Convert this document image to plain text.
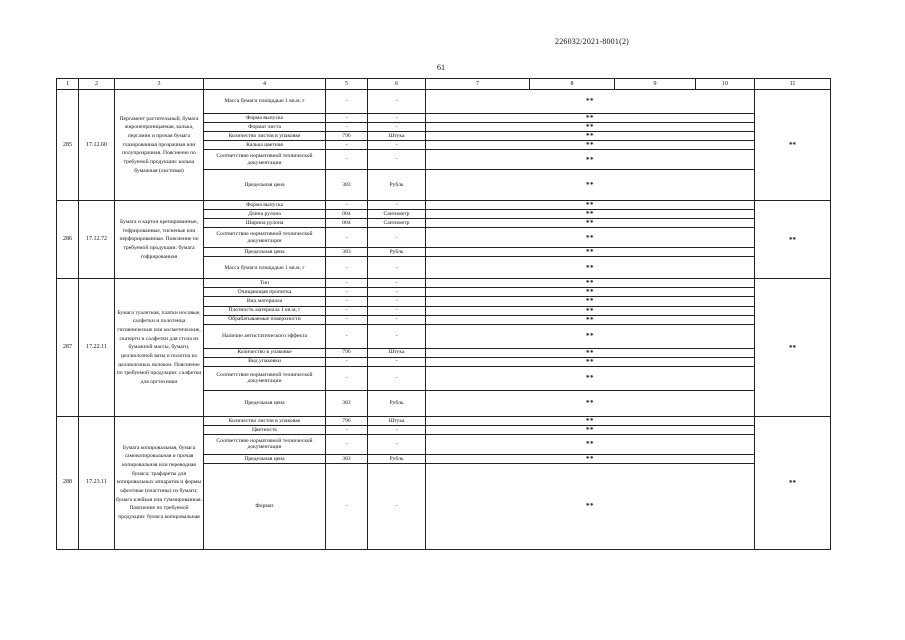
226032/2021-8001(2)
61
1	2	3	4	5	6	7	8	9	10	11
285	17.12.60	Пергамент растительный, бумага жиронепроницаемая, калька, пергамин и прочая бумага глазированная прозрачная или полупрозрачная. Пояснение по требуемой продукции: калька бумажная (листовая)	Масса бумаги площадью 1 кв.м, г	-	-	**				**
			Форма выпуска	-	-	**				
			Формат листа	-	-	**				
			Количество листов в упаковке	796	Штука	**				
			Калька цветная	-	-	**				
			Соответствие нормативной технической документации	-	-	**				
			Предельная цена	383	Рубль	**				
286	17.12.72	Бумага и картон крепированные, гофрированные, тисненые или перфорированные. Пояснение по требуемой продукции: бумага гофрированная	Форма выпуска	-	-	**				**
			Длина рулона	004	Сантиметр	**				
			Ширина рулона	004	Сантиметр	**				
			Соответствие нормативной технической документации	-	-	**				
			Предельная цена	383	Рубль	**				
			Масса бумаги площадью 1 кв.м, г	-	-	**				
287	17.22.11	Бумага туалетная, платки носовые, салфетки и полотенца гигиенические или косметические, скатерти и салфетки для стола из бумажной массы, бумаги, целлюлозной ваты и полотна из целлюлозных волокон. Пояснение по требуемой продукции: салфетки для оргтехники	Тип	-	-	**				**
			Очищающая пропитка	-	-	**				
			Вид материала	-	-	**				
			Плотность материала 1 кв.м, г	-	-	**				
			Обрабатываемые поверхности	-	-	**				
			Наличие антистатического эффекта	-	-	**				
			Количество в упаковке	796	Штука	**				
			Вид упаковки	-	-	**				
			Соответствие нормативной технической документации	-	-	**				
			Предельная цена	383	Рубль	**				
288	17.23.11	Бумага копировальная, бумага самокопировальная и прочая копировальная или переводная бумага; трафареты для копировальных аппаратов и формы офсетные (пластины) из бумаги; бумага клейкая или гуммированная. Пояснение по требуемой продукции: бумага копировальная	Количество листов в упаковке	796	Штука	**				**
			Цветность	-	-	**				
			Соответствие нормативной технической документации	-	-	**				
			Предельная цена	383	Рубль	**				
			Формат	-	-	**				
